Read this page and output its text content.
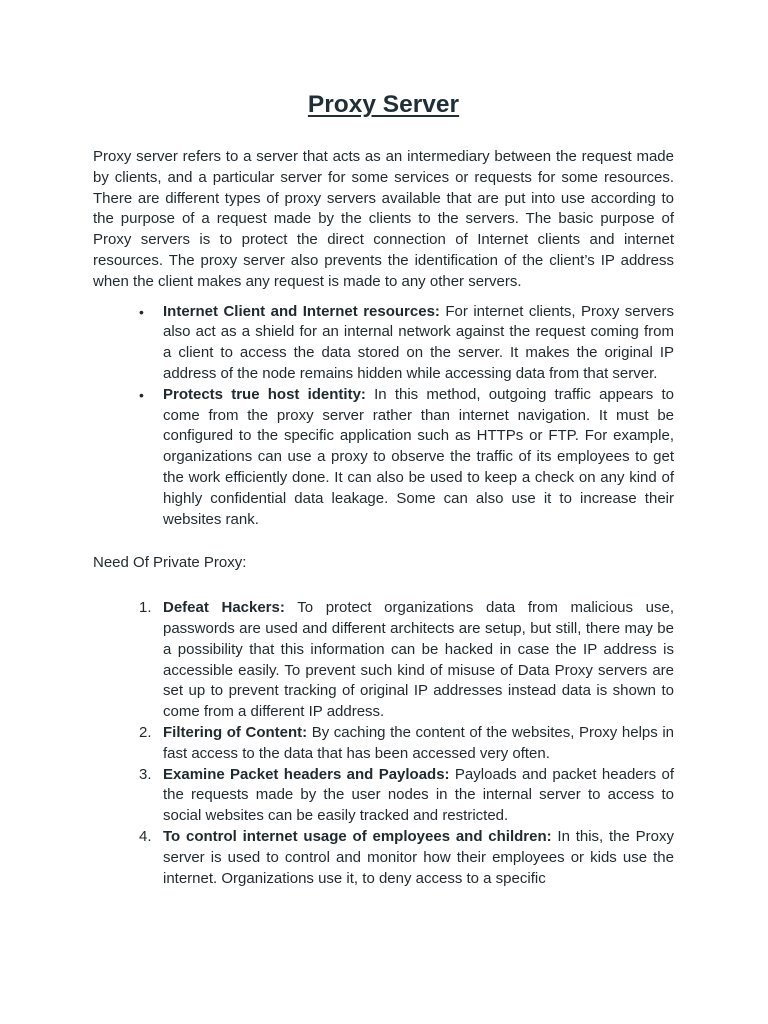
Proxy Server

Proxy server refers to a server that acts as an intermediary between the request made by clients, and a particular server for some services or requests for some resources. There are different types of proxy servers available that are put into use according to the purpose of a request made by the clients to the servers. The basic purpose of Proxy servers is to protect the direct connection of Internet clients and internet resources. The proxy server also prevents the identification of the client’s IP address when the client makes any request is made to any other servers.

• Internet Client and Internet resources: For internet clients, Proxy servers also act as a shield for an internal network against the request coming from a client to access the data stored on the server. It makes the original IP address of the node remains hidden while accessing data from that server.
• Protects true host identity: In this method, outgoing traffic appears to come from the proxy server rather than internet navigation. It must be configured to the specific application such as HTTPs or FTP. For example, organizations can use a proxy to observe the traffic of its employees to get the work efficiently done. It can also be used to keep a check on any kind of highly confidential data leakage. Some can also use it to increase their websites rank.

Need Of Private Proxy:

1. Defeat Hackers: To protect organizations data from malicious use, passwords are used and different architects are setup, but still, there may be a possibility that this information can be hacked in case the IP address is accessible easily. To prevent such kind of misuse of Data Proxy servers are set up to prevent tracking of original IP addresses instead data is shown to come from a different IP address.
2. Filtering of Content: By caching the content of the websites, Proxy helps in fast access to the data that has been accessed very often.
3. Examine Packet headers and Payloads: Payloads and packet headers of the requests made by the user nodes in the internal server to access to social websites can be easily tracked and restricted.
4. To control internet usage of employees and children: In this, the Proxy server is used to control and monitor how their employees or kids use the internet. Organizations use it, to deny access to a specific
